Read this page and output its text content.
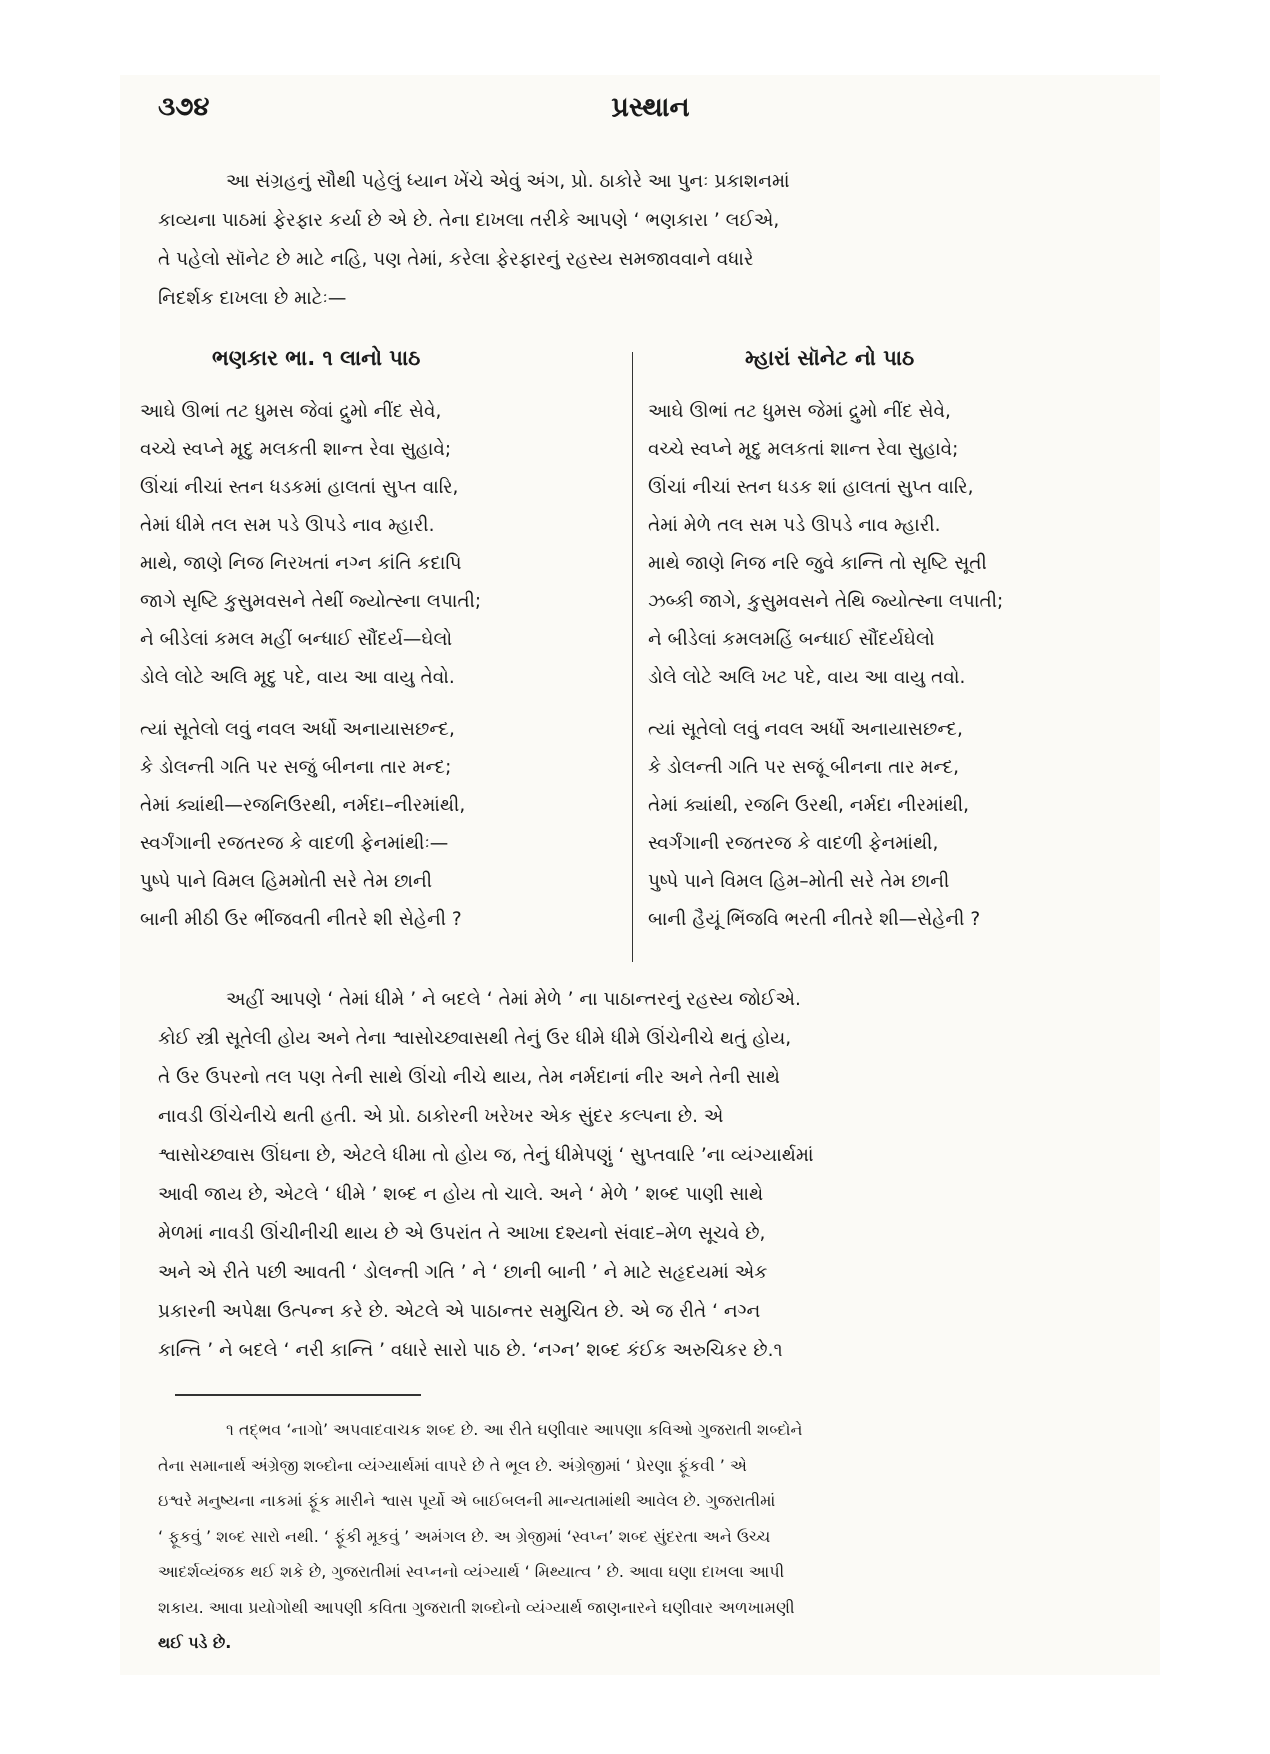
૩૭૪	પ્રસ્થાન
આ સંગ્રહનું સૌથી પહેલું ધ્યાન ખેંચે એવું અંગ, પ્રો. ઠાકોરે આ પુનઃ પ્રકાશનમાં
કાવ્યના પાઠમાં ફેરફાર કર્યા છે એ છે. તેના દાખલા તરીકે આપણે ‘ ભણકારા ’ લઈએ,
તે પહેલો સૉનેટ છે માટે નહિ, પણ તેમાં, કરેલા ફેરફારનું રહસ્ય સમજાવવાને વધારે
નિદર્શક દાખલા છે માટેઃ—
ભણકાર ભા. ૧ લાનો પાઠ	મ્હારાં સૉનેટ નો પાઠ
આઘે ઊભાં તટ ધુમસ જેવાં દ્રુમો નીંદ સેવે,
વચ્ચે સ્વપ્ને મૃદુ મલકતી શાન્ત રેવા સુહાવે;
ઊંચાં નીચાં સ્તન ધડકમાં હાલતાં સુપ્ત વારિ,
તેમાં ધીમે તલ સમ પડે ઊપડે નાવ મ્હારી.
માથે, જાણે નિજ નિરખતાં નગ્ન કાંતિ કદાપિ
જાગે સૃષ્ટિ કુસુમવસને તેથીં જ્યોત્સ્ના લપાતી;
ને બીડેલાં કમલ મહીં બન્ધાઈ સૌંદર્ય—ઘેલો
ડોલે લોટે અલિ મૃદુ પદે, વાય આ વાયુ તેવો.
ત્યાં સૂતેલો લવું નવલ અર્ધો અનાયાસછન્દ,
કે ડોલન્તી ગતિ પર સજું બીનના તાર મન્દ;
તેમાં ક્યાંથી—રજનિઉરથી, નર્મદા–નીરમાંથી,
સ્વર્ગંગાની રજતરજ કે વાદળી ફેનમાંથીઃ—
પુષ્પે પાને વિમલ હિમમોતી સરે તેમ છાની
બાની મીઠી ઉર ભીંજવતી નીતરે શી સેહેની ?
આઘે ઊભાં તટ ધુમસ જેમાં દ્રુમો નીંદ સેવે,
વચ્ચે સ્વપ્ને મૃદુ મલકતાં શાન્ત રેવા સુહાવે;
ઊંચાં નીચાં સ્તન ધડક શાં હાલતાં સુપ્ત વારિ,
તેમાં મેળે તલ સમ પડે ઊપડે નાવ મ્હારી.
માથે જાણે નિજ નરિ જુવે કાન્તિ તો સૃષ્ટિ સૂતી
ઝબ્કી જાગે, કુસુમવસને તેથિ જ્યોત્સ્ના લપાતી;
ને બીડેલાં કમલમહિં બન્ધાઈ સૌંદર્યઘેલો
ડોલે લોટે અલિ ખટ પદે, વાય આ વાયુ તવો.
ત્યાં સૂતેલો લવું નવલ અર્ધો અનાયાસછન્દ,
કે ડોલન્તી ગતિ પર સજૂં બીનના તાર મન્દ,
તેમાં ક્યાંથી, રજનિ ઉરથી, નર્મદા નીરમાંથી,
સ્વર્ગંગાની રજતરજ કે વાદળી ફેનમાંથી,
પુષ્પે પાને વિમલ હિમ–મોતી સરે તેમ છાની
બાની હૈયૂં ભિંજવિ ભરતી નીતરે શી—સેહેની ?
અહીં આપણે ‘ તેમાં ધીમે ’ ને બદલે ‘ તેમાં મેળે ’ ના પાઠાન્તરનું રહસ્ય જોઈએ.
કોઈ સ્ત્રી સૂતેલી હોય અને તેના શ્વાસોચ્છ્વાસથી તેનું ઉર ધીમે ધીમે ઊંચેનીચે થતું હોય,
તે ઉર ઉપરનો તલ પણ તેની સાથે ઊંચો નીચે થાય, તેમ નર્મદાનાં નીર અને તેની સાથે
નાવડી ઊંચેનીચે થતી હતી. એ પ્રો. ઠાકોરની ખરેખર એક સુંદર કલ્પના છે. એ
શ્વાસોચ્છ્વાસ ઊંઘના છે, એટલે ધીમા તો હોય જ, તેનું ધીમેપણું ‘ સુપ્તવારિ ’ના વ્યંગ્યાર્થમાં
આવી જાય છે, એટલે ‘ ધીમે ’ શબ્દ ન હોય તો ચાલે. અને ‘ મેળે ’ શબ્દ પાણી સાથે
મેળમાં નાવડી ઊંચીનીચી થાય છે એ ઉપરાંત તે આખા દશ્યનો સંવાદ–મેળ સૂચવે છે,
અને એ રીતે પછી આવતી ‘ ડોલન્તી ગતિ ’ ને ‘ છાની બાની ’ ને માટે સહૃદયમાં એક
પ્રકારની અપેક્ષા ઉત્પન્ન કરે છે. એટલે એ પાઠાન્તર સમુચિત છે. એ જ રીતે ‘ નગ્ન
કાન્તિ ’ ને બદલે ‘ નરી કાન્તિ ’ વધારે સારો પાઠ છે. ‘નગ્ન’ શબ્દ કંઈક અરુચિકર છે.૧
૧ તદ્ભવ ‘નાગો’ અપવાદવાચક શબ્દ છે. આ રીતે ઘણીવાર આપણા કવિઓ ગુજરાતી શબ્દોને
તેના સમાનાર્થ અંગ્રેજી શબ્દોના વ્યંગ્યાર્થમાં વાપરે છે તે ભૂલ છે. અંગ્રેજીમાં ‘ પ્રેરણા ફૂંકવી ’ એ
ઇશ્વરે મનુષ્યના નાકમાં ફૂંક મારીને શ્વાસ પૂર્યો એ બાઈબલની માન્યતામાંથી આવેલ છે. ગુજરાતીમાં
‘ ફૂકવું ’ શબ્દ સારો નથી. ‘ ફૂંકી મૂકવું ’ અમંગલ છે. અ ગ્રેજીમાં ‘સ્વપ્ન’ શબ્દ સુંદરતા અને ઉચ્ચ
આદર્શવ્યંજક થઈ શકે છે, ગુજરાતીમાં સ્વપ્નનો વ્યંગ્યાર્થ ‘ મિથ્યાત્વ ’ છે. આવા ઘણા દાખલા આપી
શકાય. આવા પ્રયોગોથી આપણી કવિતા ગુજરાતી શબ્દોનો વ્યંગ્યાર્થ જાણનારને ઘણીવાર અળખામણી
થઈ પડે છે.
